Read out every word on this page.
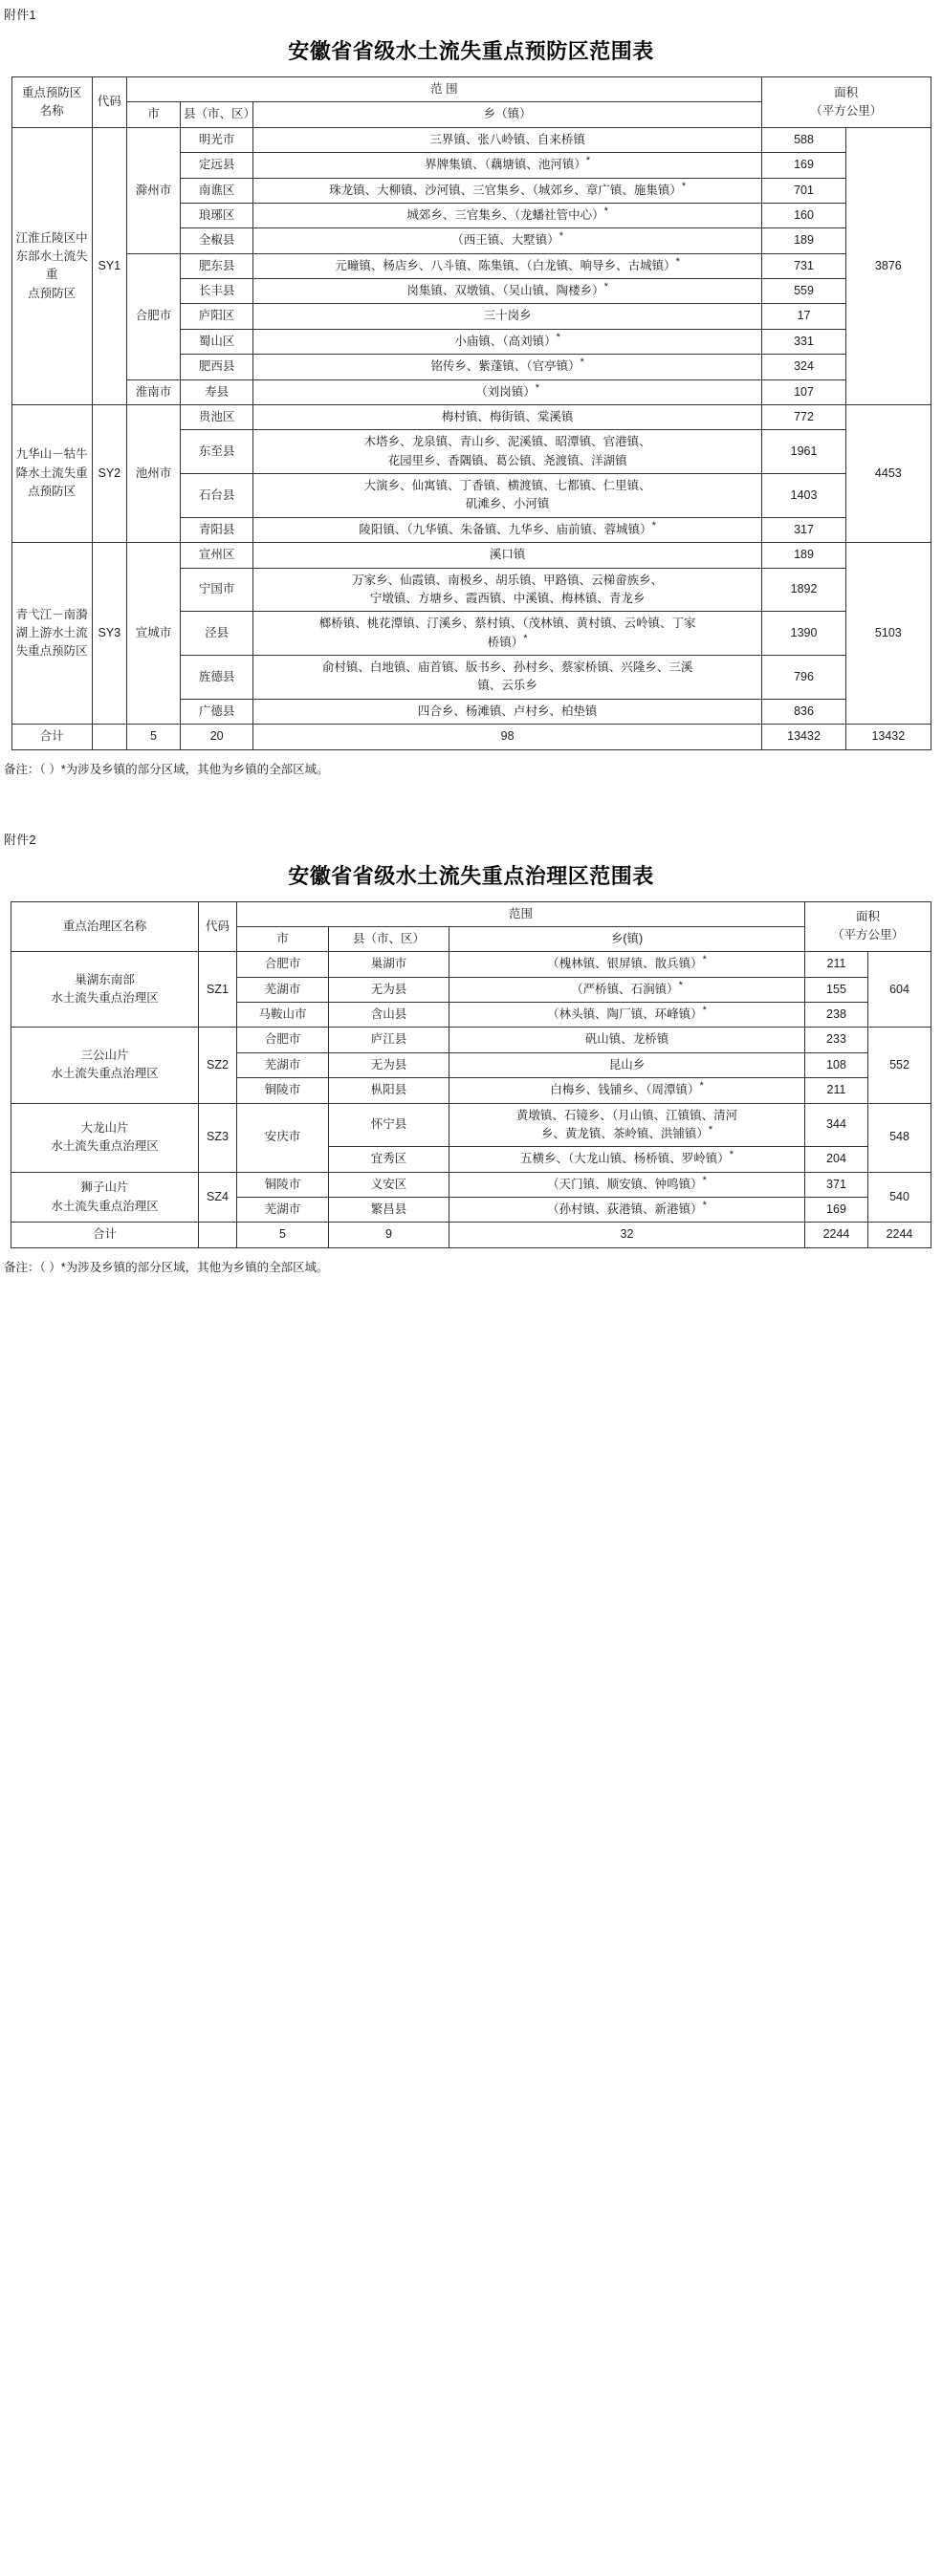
附件1
安徽省省级水土流失重点预防区范围表
重点预防区
名称	代码	范 围			面积
（平方公里）	

		市	县（市、区）	乡（镇）		

江淮丘陵区中
东部水土流失重
点预防区	SY1	滁州市	明光市	三界镇、张八岭镇、自来桥镇	588	3876
			定远县	界牌集镇、（藕塘镇、池河镇）*	169	
			南谯区	珠龙镇、大柳镇、沙河镇、三官集乡、（城郊乡、章广镇、施集镇）*	701	
			琅琊区	城郊乡、三官集乡、（龙蟠社管中心）*	160	
			全椒县	（西王镇、大墅镇）*	189	
		合肥市	肥东县	元疃镇、杨店乡、八斗镇、陈集镇、（白龙镇、响导乡、古城镇）*	731	
			长丰县	岗集镇、双墩镇、（吴山镇、陶楼乡）*	559	
			庐阳区	三十岗乡	17	
			蜀山区	小庙镇、（高刘镇）*	331	
			肥西县	铭传乡、紫蓬镇、（官亭镇）*	324	
		淮南市	寿县	（刘岗镇）*	107	

九华山－牯牛
降水土流失重
点预防区	SY2	池州市	贵池区	梅村镇、梅街镇、棠溪镇	772	4453
			东至县	木塔乡、龙泉镇、青山乡、泥溪镇、昭潭镇、官港镇、
花园里乡、香隅镇、葛公镇、尧渡镇、洋湖镇	1961	
			石台县	大演乡、仙寓镇、丁香镇、横渡镇、七都镇、仁里镇、
矶滩乡、小河镇	1403	
			青阳县	陵阳镇、（九华镇、朱备镇、九华乡、庙前镇、蓉城镇）*	317	

青弋江－南漪
湖上游水土流
失重点预防区	SY3	宣城市	宣州区	溪口镇	189	5103
			宁国市	万家乡、仙霞镇、南极乡、胡乐镇、甲路镇、云梯畲族乡、
宁墩镇、方塘乡、霞西镇、中溪镇、梅林镇、青龙乡	1892	
			泾县	榔桥镇、桃花潭镇、汀溪乡、蔡村镇、（茂林镇、黄村镇、云岭镇、丁家
桥镇）*	1390	
			旌德县	俞村镇、白地镇、庙首镇、版书乡、孙村乡、蔡家桥镇、兴隆乡、三溪
镇、云乐乡	796	
			广德县	四合乡、杨滩镇、卢村乡、柏垫镇	836	
合计		5	20	98	13432	13432
备注：（ ）*为涉及乡镇的部分区域，其他为乡镇的全部区域。
附件2
安徽省省级水土流失重点治理区范围表
重点治理区名称	代码	范围			面积
（平方公里）	

		市	县（市、区）	乡(镇)		

巢湖东南部
水土流失重点治理区	SZ1	合肥市	巢湖市	（槐林镇、银屏镇、散兵镇）*	211	604
		芜湖市	无为县	（严桥镇、石涧镇）*	155	
		马鞍山市	含山县	（林头镇、陶厂镇、环峰镇）*	238	

三公山片
水土流失重点治理区	SZ2	合肥市	庐江县	矾山镇、龙桥镇	233	552
		芜湖市	无为县	昆山乡	108	
		铜陵市	枞阳县	白梅乡、钱铺乡、（周潭镇）*	211	

大龙山片
水土流失重点治理区	SZ3	安庆市	怀宁县	黄墩镇、石镜乡、（月山镇、江镇镇、清河
乡、黄龙镇、茶岭镇、洪铺镇）*	344	548
			宜秀区	五横乡、（大龙山镇、杨桥镇、罗岭镇）*	204	

狮子山片
水土流失重点治理区	SZ4	铜陵市	义安区	（天门镇、顺安镇、钟鸣镇）*	371	540
		芜湖市	繁昌县	（孙村镇、荻港镇、新港镇）*	169	
合计		5	9	32	2244	2244
备注：（ ）*为涉及乡镇的部分区域，其他为乡镇的全部区域。
